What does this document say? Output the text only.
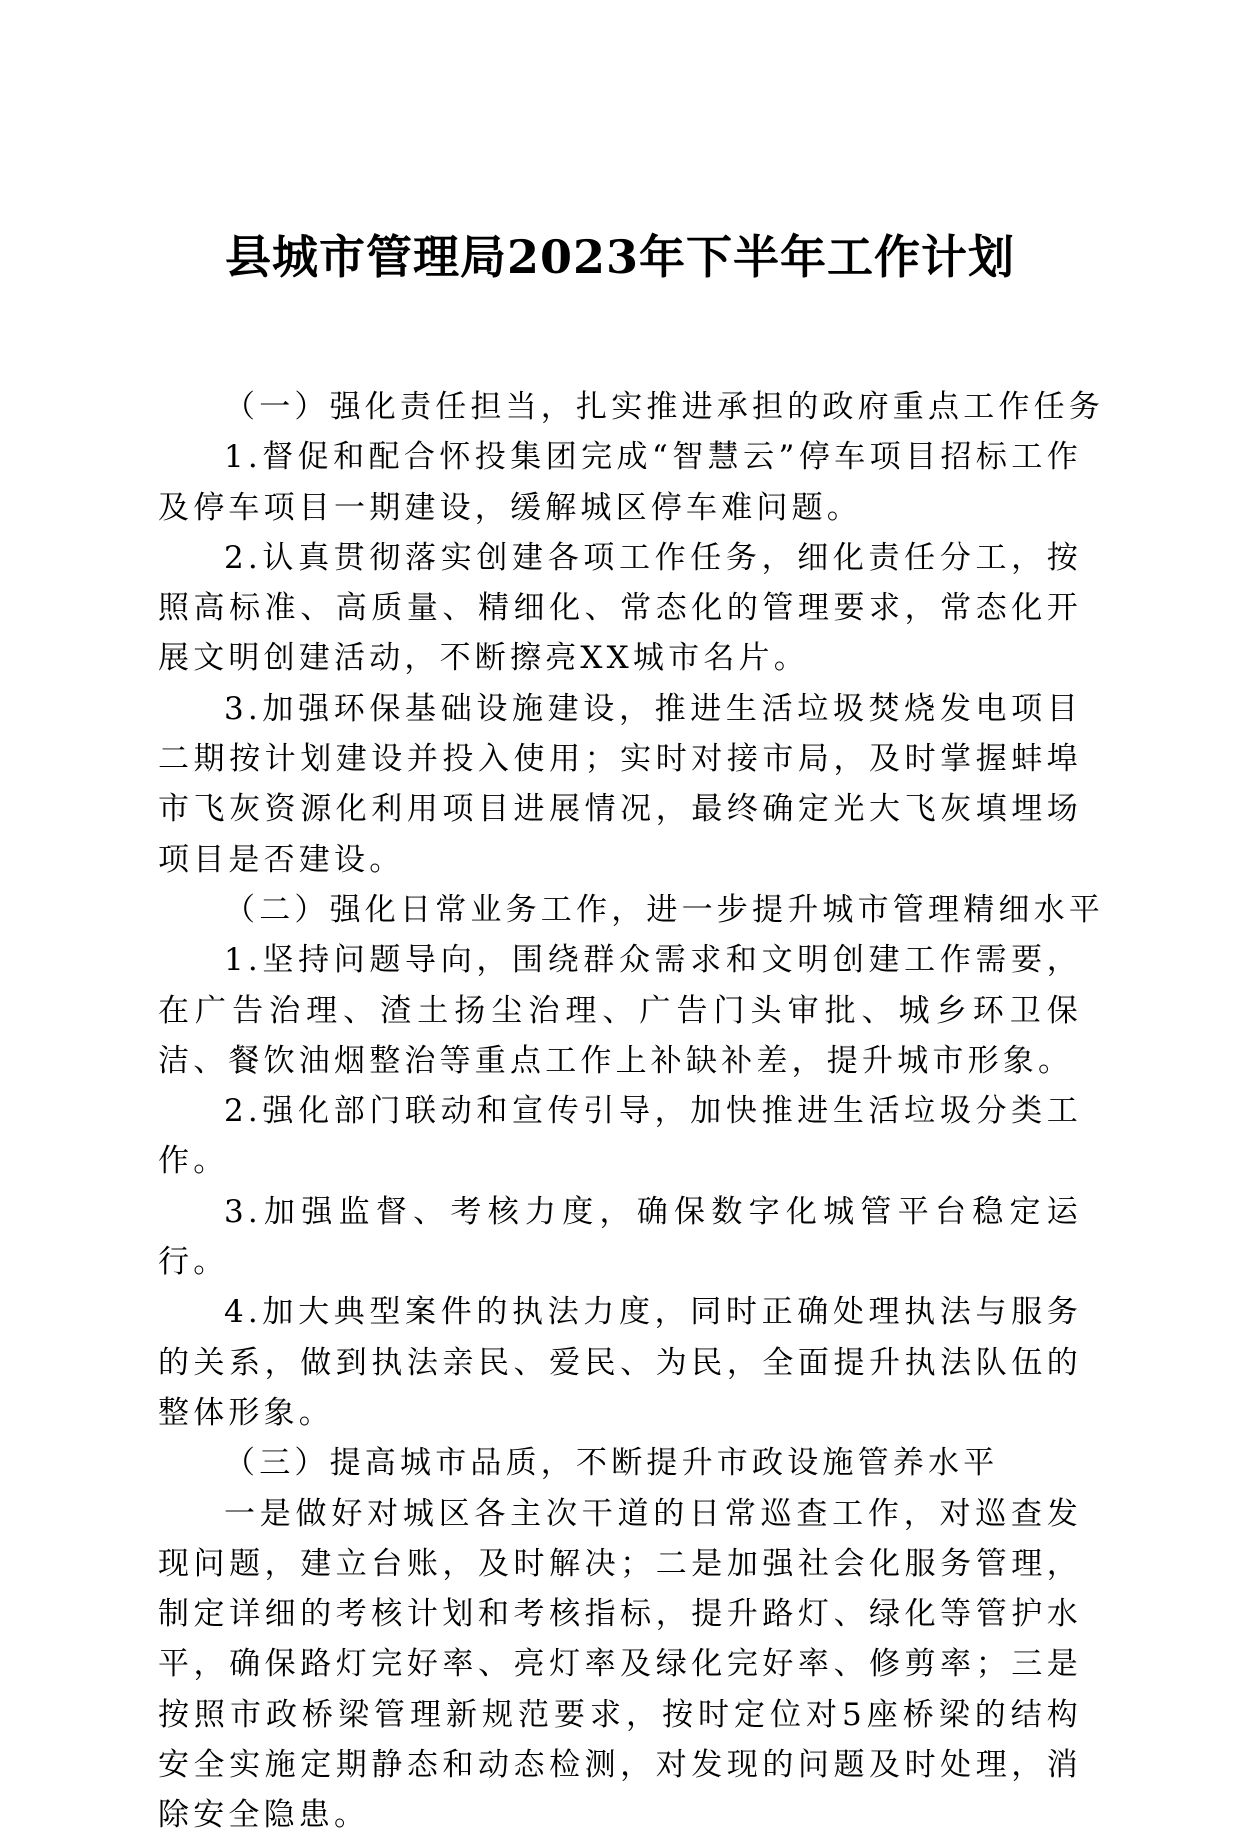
县城市管理局2023年下半年工作计划

（一）强化责任担当，扎实推进承担的政府重点工作任务

1.督促和配合怀投集团完成“智慧云”停车项目招标工作及停车项目一期建设，缓解城区停车难问题。

2.认真贯彻落实创建各项工作任务，细化责任分工，按照高标准、高质量、精细化、常态化的管理要求，常态化开展文明创建活动，不断擦亮XX城市名片。

3.加强环保基础设施建设，推进生活垃圾焚烧发电项目二期按计划建设并投入使用；实时对接市局，及时掌握蚌埠市飞灰资源化利用项目进展情况，最终确定光大飞灰填埋场项目是否建设。

（二）强化日常业务工作，进一步提升城市管理精细水平

1.坚持问题导向，围绕群众需求和文明创建工作需要，在广告治理、渣土扬尘治理、广告门头审批、城乡环卫保洁、餐饮油烟整治等重点工作上补缺补差，提升城市形象。

2.强化部门联动和宣传引导，加快推进生活垃圾分类工作。

3.加强监督、考核力度，确保数字化城管平台稳定运行。

4.加大典型案件的执法力度，同时正确处理执法与服务的关系，做到执法亲民、爱民、为民，全面提升执法队伍的整体形象。

（三）提高城市品质，不断提升市政设施管养水平

一是做好对城区各主次干道的日常巡查工作，对巡查发现问题，建立台账，及时解决；二是加强社会化服务管理，制定详细的考核计划和考核指标，提升路灯、绿化等管护水平，确保路灯完好率、亮灯率及绿化完好率、修剪率；三是按照市政桥梁管理新规范要求，按时定位对5座桥梁的结构安全实施定期静态和动态检测，对发现的问题及时处理，消除安全隐患。
